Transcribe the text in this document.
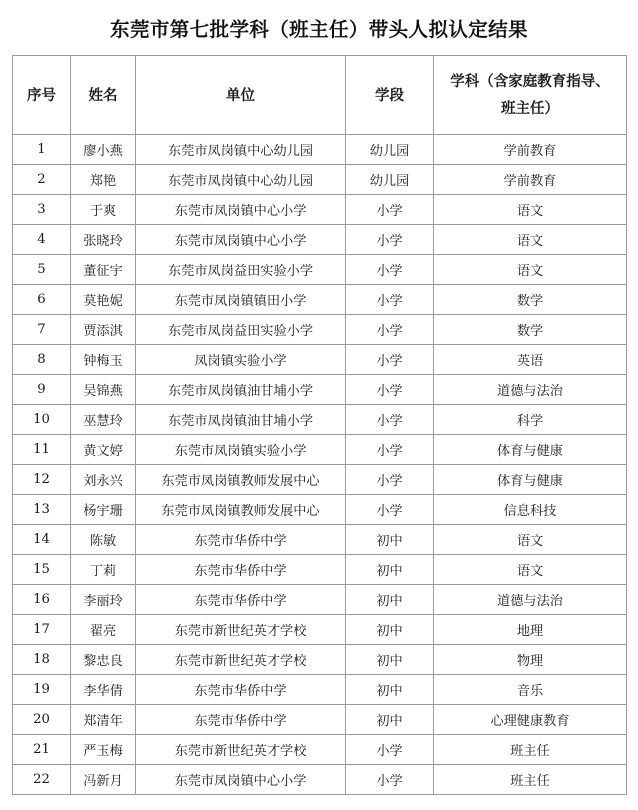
东莞市第七批学科（班主任）带头人拟认定结果
序号	姓名	单位	学段	学科（含家庭教育指导、
班主任）
1	廖小燕	东莞市凤岗镇中心幼儿园	幼儿园	学前教育
2	郑艳	东莞市凤岗镇中心幼儿园	幼儿园	学前教育
3	于爽	东莞市凤岗镇中心小学	小学	语文
4	张晓玲	东莞市凤岗镇中心小学	小学	语文
5	董征宇	东莞市凤岗益田实验小学	小学	语文
6	莫艳妮	东莞市凤岗镇镇田小学	小学	数学
7	贾添淇	东莞市凤岗益田实验小学	小学	数学
8	钟梅玉	凤岗镇实验小学	小学	英语
9	吴锦燕	东莞市凤岗镇油甘埔小学	小学	道德与法治
10	巫慧玲	东莞市凤岗镇油甘埔小学	小学	科学
11	黄文婷	东莞市凤岗镇实验小学	小学	体育与健康
12	刘永兴	东莞市凤岗镇教师发展中心	小学	体育与健康
13	杨宇珊	东莞市凤岗镇教师发展中心	小学	信息科技
14	陈敏	东莞市华侨中学	初中	语文
15	丁莉	东莞市华侨中学	初中	语文
16	李丽玲	东莞市华侨中学	初中	道德与法治
17	翟亮	东莞市新世纪英才学校	初中	地理
18	黎忠良	东莞市新世纪英才学校	初中	物理
19	李华倩	东莞市华侨中学	初中	音乐
20	郑清年	东莞市华侨中学	初中	心理健康教育
21	严玉梅	东莞市新世纪英才学校	小学	班主任
22	冯新月	东莞市凤岗镇中心小学	小学	班主任
